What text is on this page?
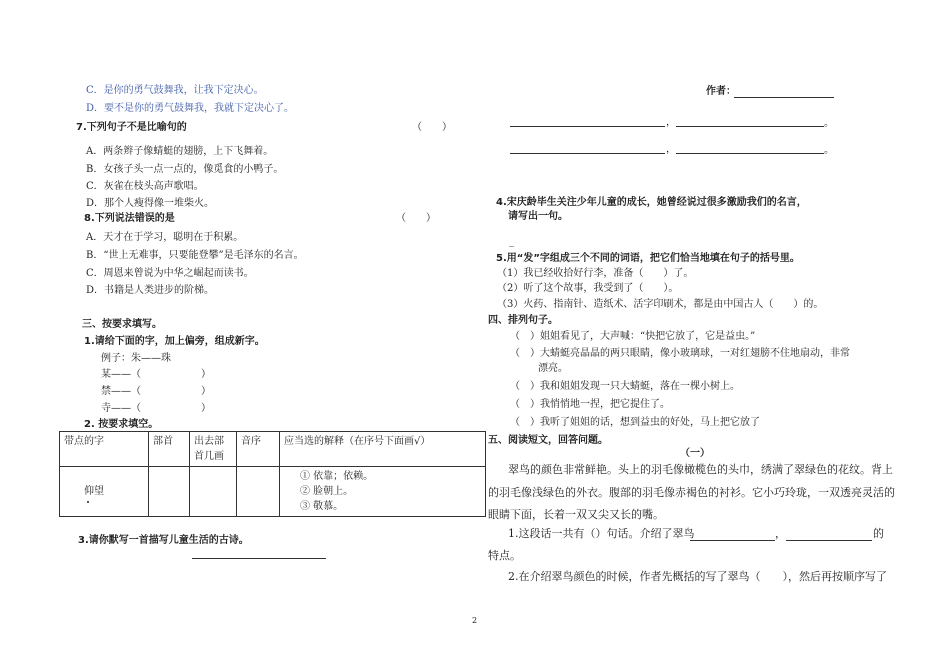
C．是你的勇气鼓舞我，让我下定决心。
D．要不是你的勇气鼓舞我，我就下定决心了。
7.下列句子不是比喻句的	（　　）
A．两条辫子像蜻蜓的翅膀，上下飞舞着。
B．女孩子头一点一点的，像觅食的小鸭子。
C．灰雀在枝头高声歌唱。
D．那个人瘦得像一堆柴火。
8.下列说法错误的是	（　　）
A．天才在于学习，聪明在于积累。
B．“世上无难事，只要能登攀”是毛泽东的名言。
C．周恩来曾说为中华之崛起而读书。
D．书籍是人类进步的阶梯。
三、按要求填写。
1.请给下面的字，加上偏旁，组成新字。
例子：朱——珠
某——（　　　　　　）
禁——（　　　　　　）
寺——（　　　　　　）
2. 按要求填空。
带点的字	部首	出去部首几画	音序	应当选的解释（在序号下面画√）
仰望				① 依靠；依赖。
② 脸朝上。
③ 敬慕。
3.请你默写一首描写儿童生活的古诗。
作者：
，	。
，	。
4.宋庆龄毕生关注少年儿童的成长，她曾经说过很多激励我们的名言，
请写出一句。
_
5.用“发”字组成三个不同的词语，把它们恰当地填在句子的括号里。
（1）我已经收拾好行李，准备（　　）了。
（2）听了这个故事，我受到了（　　）。
（3）火药、指南针、造纸术、活字印刷术，都是由中国古人（　　）的。
四、排列句子。
（　）姐姐看见了，大声喊：“快把它放了，它是益虫。”
（　）大蜻蜓亮晶晶的两只眼睛，像小玻璃球，一对红翅膀不住地扇动，非常
漂亮。
（　）我和姐姐发现一只大蜻蜓，落在一棵小树上。
（　）我悄悄地一捏，把它提住了。
（　）我听了姐姐的话，想到益虫的好处，马上把它放了
五、阅读短文，回答问题。
（一）
翠鸟的颜色非常鲜艳。头上的羽毛像橄榄色的头巾，绣满了翠绿色的花纹。背上
的羽毛像浅绿色的外衣。腹部的羽毛像赤褐色的衬衫。它小巧玲珑，一双透亮灵活的
眼睛下面，长着一双又尖又长的嘴。
1.这段话一共有（）句话。介绍了翠鸟	，	的
特点。
2.在介绍翠鸟颜色的时候，作者先概括的写了翠鸟（　　），然后再按顺序写了
2
